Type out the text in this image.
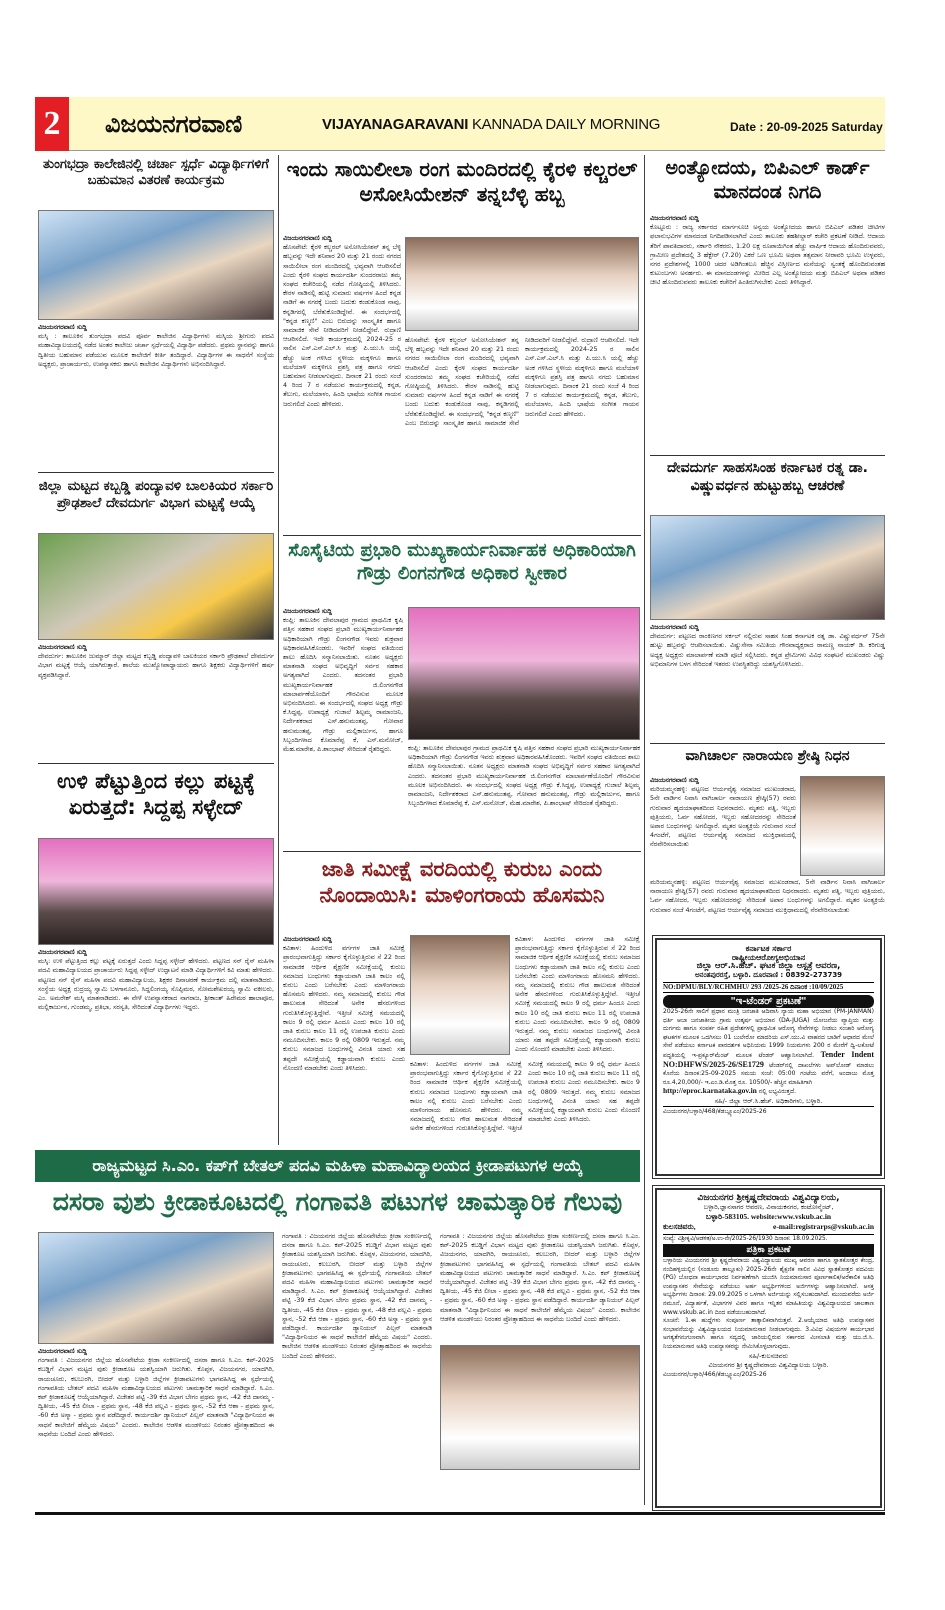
2	ವಿಜಯನಗರವಾಣಿ	VIJAYANAGARAVANI KANNADA DAILY MORNING	Date : 20-09-2025 Saturday
ತುಂಗಭದ್ರಾ ಕಾಲೇಜಿನಲ್ಲಿ ಚರ್ಚಾ ಸ್ಪರ್ಧೆ ವಿದ್ಯಾರ್ಥಿಗಳಿಗೆ ಬಹುಮಾನ ವಿತರಣೆ ಕಾರ್ಯಕ್ರಮ
ವಿಜಯನಗರವಾಣಿ ಸುದ್ದಿ
ಮಸ್ಕಿ : ತಾಲೂಕಿನ ತುಂಗಭದ್ರಾ ಪದವಿ ಪೂರ್ವ ಕಾಲೇಜಿನ ವಿದ್ಯಾರ್ಥಿಗಳು ಮಸ್ಕಿಯ ಶ್ರೀಗುರು ಪದವಿ ಮಹಾವಿದ್ಯಾಲಯದಲ್ಲಿ ನಡೆದ ಅಂತರ ಕಾಲೇಜು ಚರ್ಚಾ ಸ್ಪರ್ಧೆಯಲ್ಲಿ ವಿದ್ಯಾರ್ಥಿ ಪಡೆದರು. ಪ್ರಥಮ ಸ್ಥಾನವನ್ನು ಹಾಗೂ ದ್ವಿತೀಯ ಬಹುಮಾನ ಪಡೆಯುವ ಮೂಲಕ ಕಾಲೇಜಿಗೆ ಕೀರ್ತಿ ತಂದಿದ್ದಾರೆ. ವಿದ್ಯಾರ್ಥಿಗಳ ಈ ಸಾಧನೆಗೆ ಸಂಸ್ಥೆಯ ಅಧ್ಯಕ್ಷರು, ಪ್ರಾಚಾರ್ಯರು, ಉಪನ್ಯಾಸಕರು ಹಾಗೂ ಕಾಲೇಜಿನ ವಿದ್ಯಾರ್ಥಿಗಳು ಅಭಿನಂದಿಸಿದ್ದಾರೆ.
ಜಿಲ್ಲಾ ಮಟ್ಟದ ಕಬ್ಬಡ್ಡಿ ಪಂದ್ಯಾವಳಿ ಬಾಲಕಿಯರ ಸರ್ಕಾರಿ ಪ್ರೌಢಶಾಲೆ ದೇವದುರ್ಗ ವಿಭಾಗ ಮಟ್ಟಕ್ಕೆ ಆಯ್ಕೆ
ವಿಜಯನಗರವಾಣಿ ಸುದ್ದಿ
ದೇವದುರ್ಗ: ತಾಲೂಕಿನ ಜುಮ್ಮಾರ್ ಜಿಲ್ಲಾ ಮಟ್ಟದ ಕಬ್ಬಡ್ಡಿ ಪಂದ್ಯಾವಳಿ ಬಾಲಕಿಯರ ಸರ್ಕಾರಿ ಪ್ರೌಢಶಾಲೆ ದೇವದುರ್ಗ ವಿಭಾಗ ಮಟ್ಟಕ್ಕೆ ಆಯ್ಕೆ ಯಾಗಿರುತ್ತಾರೆ. ಶಾಲೆಯ ಮುಖ್ಯೋಪಾಧ್ಯಾಯರು ಹಾಗೂ ಶಿಕ್ಷಕರು ವಿದ್ಯಾರ್ಥಿಗಳಿಗೆ ಹರ್ಷ ವ್ಯಕ್ತಪಡಿಸಿದ್ದಾರೆ.
ಉಳಿ ಪೆಟ್ಟುತ್ತಿಂದ ಕಲ್ಲು ಪಟ್ಟಕ್ಕೆ ಏರುತ್ತದೆ: ಸಿದ್ದಪ್ಪ ಸಳ್ಳೇದ್
ವಿಜಯನಗರವಾಣಿ ಸುದ್ದಿ
ಮಸ್ಕಿ: ಉಳಿ ಪೆಟ್ಟುತ್ತಿಂದ ಕಲ್ಲು ಪಟ್ಟಕ್ಕೆ ಏರುತ್ತದೆ ಎಂದು ಸಿದ್ದಪ್ಪ ಸಳ್ಳೇದ್ ಹೇಳಿದರು. ಪಟ್ಟಣದ ಸನ್ ರೈಸ್ ಮಹಿಳಾ ಪದವಿ ಮಹಾವಿದ್ಯಾಲಯದ ಪ್ರಾಚಾರ್ಯರು ಸಿದ್ದಪ್ಪ ಸಳ್ಳೇದ್ ಉದ್ಘಾಟನೆ ಮಾಡಿ ವಿದ್ಯಾರ್ಥಿಗಳಿಗೆ ಕಿವಿ ಮಾತು ಹೇಳಿದರು. ಪಟ್ಟಣದ ಸನ್ ರೈಸ್ ಮಹಿಳಾ ಪದವಿ ಮಹಾವಿದ್ಯಾಲಯ, ಶಿಕ್ಷಕರ ದಿನಾಚರಣೆ ಕಾರ್ಯಕ್ರಮ ದಲ್ಲಿ ಮಾತನಾಡಿದರು. ಸಂಸ್ಥೆಯ ಅಧ್ಯಕ್ಷ ರುದ್ರಯ್ಯ ಸ್ವಾಮಿ ಬಳಗಾನೂರು, ಸಿದ್ದಲಿಂಗಯ್ಯ ಸೊಪ್ಪಿಮಠ, ಸೋಮಶೇಖರಯ್ಯ ಸ್ವಾಮಿ ವಕೀಲರು, ಎಂ. ಅಮರೇಶ್ ಮಸ್ಕಿ ಮಾತನಾಡಿದರು. ಈ ವೇಳೆ ಉಪನ್ಯಾಸಕರಾದ ನಾಗರಾಜ, ಶ್ರೀಕಾಂತ್ ಹಿರೇಮಠ ಹಾಲಾಪೂರ, ಮಲ್ಲಿಕಾರ್ಜುನ, ಗುಂಡಮ್ಮ, ಪ್ರತಿಭಾ, ಸರಸ್ವತಿ, ಸೇರಿದಂತೆ ವಿದ್ಯಾರ್ಥಿಗಳು ಇದ್ದರು.
ಇಂದು ಸಾಯಿಲೀಲಾ ರಂಗ ಮಂದಿರದಲ್ಲಿ ಕೈರಳಿ ಕಲ್ಚರಲ್ ಅಸೋಸಿಯೇಶನ್ ತನ್ನಬೆಳ್ಳಿ ಹಬ್ಬ
ವಿಜಯನಗರವಾಣಿ ಸುದ್ದಿ
ಹೊಸಪೇಟೆ: ಕೈರಳಿ ಕಲ್ಚರಲ್ ಅಸೋಸಿಯೇಶನ್ ತನ್ನ ಬೆಳ್ಳಿ ಹಬ್ಬವನ್ನು ಇದೇ ಶನಿವಾರ 20 ಮತ್ತು 21 ರಂದು ನಗರದ ಸಾಯಿಲೀಲಾ ರಂಗ ಮಂದಿರದಲ್ಲಿ ಭವ್ಯವಾಗಿ ಆಚರಿಸಲಿದೆ ಎಂದು ಕೈರಳಿ ಸಂಘದ ಕಾರ್ಯದರ್ಶಿ ಸುಂದರರಾಜು ತಮ್ಮ ಸಂಘದ ಕಚೇರಿಯಲ್ಲಿ ನಡೆದ ಗೋಷ್ಠಿಯಲ್ಲಿ ತಿಳಿಸಿದರು. ಕೇರಳ ನಾಡಿನಲ್ಲಿ ಹುಟ್ಟಿ ಸುಮಾರು ವರ್ಷಗಳ ಹಿಂದೆ ಕನ್ನಡ ನಾಡಿಗೆ ಈ ನಗರಕ್ಕೆ ಬಂದು ಬದುಕು ಕಂಡುಕೊಂಡ ನಾವು, ಕನ್ನಡಿಗರಲ್ಲಿ ಬೆರೆತುಕೊಂಡಿದ್ದೇವೆ. ಈ ಸಂದರ್ಭದಲ್ಲಿ "ಕನ್ನಡ ಕಣ್ಮಣಿ" ಎಂಬ ಬಿರುದನ್ನು ಸಾಂಸ್ಕೃತಿಕ ಹಾಗೂ ಸಾಮಾಜಿಕ ಸೇವೆ ನೀಡಿದವರಿಗೆ ನೀಡಲಿದ್ದೇವೆ. ರುದ್ರಾಣಿ ಆಚರಿಸಲಿದೆ. ಇದೇ ಕಾರ್ಯಕ್ರಮದಲ್ಲಿ 2024-25 ರ ಸಾಲಿನ ಎಸ್.ಎಸ್.ಎಲ್.ಸಿ ಮತ್ತು ಪಿ.ಯು.ಸಿ ಯಲ್ಲಿ ಹೆಚ್ಚು ಅಂಕ ಗಳಿಸಿದ ಸ್ಥಳೀಯ ಮಕ್ಕಳಿಗೂ ಹಾಗೂ ಮಲೆಯಾಳಿ ಮಕ್ಕಳಿಗೂ ಪ್ರಶಸ್ತಿ ಪತ್ರ ಹಾಗೂ ನಗದು ಬಹುಮಾನ ನೀಡಲಾಗುವುದು. ದಿನಾಂಕ 21 ರಂದು ಸಂಜೆ 4 ರಿಂದ 7 ರ ನಡೆಯುವ ಕಾರ್ಯಕ್ರಮದಲ್ಲಿ ಕನ್ನಡ, ತೆಲುಗು, ಮಲೆಯಾಳಂ, ಹಿಂದಿ ಭಾಷೆಯ ಸಂಗೀತ ಗಾಯನ ಜರುಗಲಿದೆ ಎಂದು ಹೇಳಿದರು.
ಹೊಸಪೇಟೆ: ಕೈರಳಿ ಕಲ್ಚರಲ್ ಅಸೋಸಿಯೇಶನ್ ತನ್ನ ಬೆಳ್ಳಿ ಹಬ್ಬವನ್ನು ಇದೇ ಶನಿವಾರ 20 ಮತ್ತು 21 ರಂದು ನಗರದ ಸಾಯಿಲೀಲಾ ರಂಗ ಮಂದಿರದಲ್ಲಿ ಭವ್ಯವಾಗಿ ಆಚರಿಸಲಿದೆ ಎಂದು ಕೈರಳಿ ಸಂಘದ ಕಾರ್ಯದರ್ಶಿ ಸುಂದರರಾಜು ತಮ್ಮ ಸಂಘದ ಕಚೇರಿಯಲ್ಲಿ ನಡೆದ ಗೋಷ್ಠಿಯಲ್ಲಿ ತಿಳಿಸಿದರು. ಕೇರಳ ನಾಡಿನಲ್ಲಿ ಹುಟ್ಟಿ ಸುಮಾರು ವರ್ಷಗಳ ಹಿಂದೆ ಕನ್ನಡ ನಾಡಿಗೆ ಈ ನಗರಕ್ಕೆ ಬಂದು ಬದುಕು ಕಂಡುಕೊಂಡ ನಾವು, ಕನ್ನಡಿಗರಲ್ಲಿ ಬೆರೆತುಕೊಂಡಿದ್ದೇವೆ. ಈ ಸಂದರ್ಭದಲ್ಲಿ "ಕನ್ನಡ ಕಣ್ಮಣಿ" ಎಂಬ ಬಿರುದನ್ನು ಸಾಂಸ್ಕೃತಿಕ ಹಾಗೂ ಸಾಮಾಜಿಕ ಸೇವೆ ನೀಡಿದವರಿಗೆ ನೀಡಲಿದ್ದೇವೆ. ರುದ್ರಾಣಿ ಆಚರಿಸಲಿದೆ. ಇದೇ ಕಾರ್ಯಕ್ರಮದಲ್ಲಿ 2024-25 ರ ಸಾಲಿನ ಎಸ್.ಎಸ್.ಎಲ್.ಸಿ ಮತ್ತು ಪಿ.ಯು.ಸಿ ಯಲ್ಲಿ ಹೆಚ್ಚು ಅಂಕ ಗಳಿಸಿದ ಸ್ಥಳೀಯ ಮಕ್ಕಳಿಗೂ ಹಾಗೂ ಮಲೆಯಾಳಿ ಮಕ್ಕಳಿಗೂ ಪ್ರಶಸ್ತಿ ಪತ್ರ ಹಾಗೂ ನಗದು ಬಹುಮಾನ ನೀಡಲಾಗುವುದು. ದಿನಾಂಕ 21 ರಂದು ಸಂಜೆ 4 ರಿಂದ 7 ರ ನಡೆಯುವ ಕಾರ್ಯಕ್ರಮದಲ್ಲಿ ಕನ್ನಡ, ತೆಲುಗು, ಮಲೆಯಾಳಂ, ಹಿಂದಿ ಭಾಷೆಯ ಸಂಗೀತ ಗಾಯನ ಜರುಗಲಿದೆ ಎಂದು ಹೇಳಿದರು.
ಸೊಸೈಟಿಯ ಪ್ರಭಾರಿ ಮುಖ್ಯಕಾರ್ಯನಿರ್ವಾಹಕ ಅಧಿಕಾರಿಯಾಗಿ ಗೌಡ್ರು ಲಿಂಗನಗೌಡ ಅಧಿಕಾರ ಸ್ವೀಕಾರ
ವಿಜಯನಗರವಾಣಿ ಸುದ್ದಿ
ಕಂಪ್ಲಿ: ತಾಲೂಕಿನ ದೇವಲಾಪುರ ಗ್ರಾಮದ ಪ್ರಾಥಮಿಕ ಕೃಷಿ ಪತ್ತಿನ ಸಹಕಾರ ಸಂಘದ ಪ್ರಭಾರಿ ಮುಖ್ಯಕಾರ್ಯನಿರ್ವಾಹಕ ಅಧಿಕಾರಿಯಾಗಿ ಗೌಡ್ರು ಲಿಂಗನಗೌಡ ಇವರು ಶುಕ್ರವಾರ ಅಧಿಕಾರವಹಿಸಿಕೊಂಡರು. ಇವರಿಗೆ ಸಂಘದ ವತಿಯಿಂದ ಶಾಲು ಹೊದಿಸಿ ಸನ್ಮಾನಿಸಲಾಯಿತು. ನೂತನ ಅಧ್ಯಕ್ಷರು ಮಾತನಾಡಿ ಸಂಘದ ಅಭಿವೃದ್ಧಿಗೆ ಸರ್ವರ ಸಹಕಾರ ಅಗತ್ಯವಾಗಿದೆ ಎಂದರು. ತದನಂತರ ಪ್ರಭಾರಿ ಮುಖ್ಯಕಾರ್ಯನಿರ್ವಾಹಕ ಜಿ.ಲಿಂಗನಗೌಡ ಮಾಲಾರ್ಪಣೆಯೊಂದಿಗೆ ಗೌರವಿಸುವ ಮೂಲಕ ಅಭಿನಂದಿಸಿದರು. ಈ ಸಂದರ್ಭದಲ್ಲಿ ಸಂಘದ ಅಧ್ಯಕ್ಷ ಗೌಡ್ರು ಕೆ.ಸಿದ್ದಪ್ಪ, ಉಪಾಧ್ಯಕ್ಷೆ ಗುಜಾಲೆ ಶಿಲ್ಪಮ್ಮ ರಾಮಾಂಜನಿ, ನಿರ್ದೇಶಕರಾದ ಎಸ್.ಹನುಮಂತಪ್ಪ, ಗೋವಾರ ಹನುಮಂತಪ್ಪ, ಗೌಡ್ರು ಮಲ್ಲಿಕಾರ್ಜುನ, ಹಾಗೂ ಸಿಬ್ಬಂದಿಗಳಾದ ಕೊಮಾರೆಪ್ಪ ಕೆ, ಎಸ್.ಮನೋಜ್, ಮೆಹ.ಮಾರೇಶ, ಪಿ.ಶಾಂಭಾಷ್ ಸೇರಿದಂತೆ ರೈತರಿದ್ದರು.	ಕಂಪ್ಲಿ: ತಾಲೂಕಿನ ದೇವಲಾಪುರ ಗ್ರಾಮದ ಪ್ರಾಥಮಿಕ ಕೃಷಿ ಪತ್ತಿನ ಸಹಕಾರ ಸಂಘದ ಪ್ರಭಾರಿ ಮುಖ್ಯಕಾರ್ಯನಿರ್ವಾಹಕ ಅಧಿಕಾರಿಯಾಗಿ ಗೌಡ್ರು ಲಿಂಗನಗೌಡ ಇವರು ಶುಕ್ರವಾರ ಅಧಿಕಾರವಹಿಸಿಕೊಂಡರು. ಇವರಿಗೆ ಸಂಘದ ವತಿಯಿಂದ ಶಾಲು ಹೊದಿಸಿ ಸನ್ಮಾನಿಸಲಾಯಿತು. ನೂತನ ಅಧ್ಯಕ್ಷರು ಮಾತನಾಡಿ ಸಂಘದ ಅಭಿವೃದ್ಧಿಗೆ ಸರ್ವರ ಸಹಕಾರ ಅಗತ್ಯವಾಗಿದೆ ಎಂದರು. ತದನಂತರ ಪ್ರಭಾರಿ ಮುಖ್ಯಕಾರ್ಯನಿರ್ವಾಹಕ ಜಿ.ಲಿಂಗನಗೌಡ ಮಾಲಾರ್ಪಣೆಯೊಂದಿಗೆ ಗೌರವಿಸುವ ಮೂಲಕ ಅಭಿನಂದಿಸಿದರು. ಈ ಸಂದರ್ಭದಲ್ಲಿ ಸಂಘದ ಅಧ್ಯಕ್ಷ ಗೌಡ್ರು ಕೆ.ಸಿದ್ದಪ್ಪ, ಉಪಾಧ್ಯಕ್ಷೆ ಗುಜಾಲೆ ಶಿಲ್ಪಮ್ಮ ರಾಮಾಂಜನಿ, ನಿರ್ದೇಶಕರಾದ ಎಸ್.ಹನುಮಂತಪ್ಪ, ಗೋವಾರ ಹನುಮಂತಪ್ಪ, ಗೌಡ್ರು ಮಲ್ಲಿಕಾರ್ಜುನ, ಹಾಗೂ ಸಿಬ್ಬಂದಿಗಳಾದ ಕೊಮಾರೆಪ್ಪ ಕೆ, ಎಸ್.ಮನೋಜ್, ಮೆಹ.ಮಾರೇಶ, ಪಿ.ಶಾಂಭಾಷ್ ಸೇರಿದಂತೆ ರೈತರಿದ್ದರು.
ಜಾತಿ ಸಮೀಕ್ಷೆ ವರದಿಯಲ್ಲಿ ಕುರುಬ ಎಂದು ನೊಂದಾಯಿಸಿ: ಮಾಳಿಂಗರಾಯ ಹೊಸಮನಿ
ವಿಜಯನಗರವಾಣಿ ಸುದ್ದಿ
ಕವಿತಾಳ: ಹಿಂದುಳಿದ ವರ್ಗಗಳ ಜಾತಿ ಸಮೀಕ್ಷೆ ಪ್ರಾರಂಭವಾಗುತ್ತಿದ್ದು ಸರ್ಕಾರ ಕೈಗೊಳ್ಳುತ್ತಿರುವ ಸೆ 22 ರಿಂದ ಸಾಮಾಜಿಕ ಆರ್ಥಿಕ ಶೈಕ್ಷಣಿಕ ಸಮೀಕ್ಷೆಯಲ್ಲಿ ಕುರುಬ ಸಮಾಜದ ಬಂಧುಗಳು ಕಡ್ಡಾಯವಾಗಿ ಜಾತಿ ಕಾಲಂ ನಲ್ಲಿ ಕುರುಬ ಎಂದು ಬರೆಸಬೇಕು ಎಂದು ಮಾಳಿಂಗರಾಯ ಹೊಸಮನಿ ಹೇಳಿದರು. ನಮ್ಮ ಸಮಾಜದಲ್ಲಿ ಕುರುಬ ಗೌಡ ಹಾಲುಮತ ಸೇರಿದಂತೆ ಅನೇಕ ಹೆಸರುಗಳಿಂದ ಗುರುತಿಸಿಕೊಳ್ಳುತ್ತಿದ್ದೇವೆ. ಇತ್ತೀಚೆ ಸಮೀಕ್ಷೆ ಸಮಯದಲ್ಲಿ ಕಾಲಂ 9 ರಲ್ಲಿ ಧರ್ಮ ಹಿಂದೂ ಎಂದು ಕಾಲಂ 10 ರಲ್ಲಿ ಜಾತಿ ಕುರುಬ ಕಾಲಂ 11 ರಲ್ಲಿ ಉಪಜಾತಿ ಕುರುಬ ಎಂದು ನಮೂದಿಸಬೇಕು. ಕಾಲಂ 9 ರಲ್ಲಿ 0809 ಇರುತ್ತದೆ. ನಮ್ಮ ಕುರುಬ ಸಮಾಜದ ಬಂಧುಗಳಲ್ಲಿ ವಿನಂತಿ ಯಾರು ಸಹ ತಪ್ಪದೇ ಸಮೀಕ್ಷೆಯಲ್ಲಿ ಕಡ್ಡಾಯವಾಗಿ ಕುರುಬ ಎಂದು ನೊಂದಣಿ ಮಾಡಬೇಕು ಎಂದು ತಿಳಿಸಿದರು.
ಕವಿತಾಳ: ಹಿಂದುಳಿದ ವರ್ಗಗಳ ಜಾತಿ ಸಮೀಕ್ಷೆ ಪ್ರಾರಂಭವಾಗುತ್ತಿದ್ದು ಸರ್ಕಾರ ಕೈಗೊಳ್ಳುತ್ತಿರುವ ಸೆ 22 ರಿಂದ ಸಾಮಾಜಿಕ ಆರ್ಥಿಕ ಶೈಕ್ಷಣಿಕ ಸಮೀಕ್ಷೆಯಲ್ಲಿ ಕುರುಬ ಸಮಾಜದ ಬಂಧುಗಳು ಕಡ್ಡಾಯವಾಗಿ ಜಾತಿ ಕಾಲಂ ನಲ್ಲಿ ಕುರುಬ ಎಂದು ಬರೆಸಬೇಕು ಎಂದು ಮಾಳಿಂಗರಾಯ ಹೊಸಮನಿ ಹೇಳಿದರು. ನಮ್ಮ ಸಮಾಜದಲ್ಲಿ ಕುರುಬ ಗೌಡ ಹಾಲುಮತ ಸೇರಿದಂತೆ ಅನೇಕ ಹೆಸರುಗಳಿಂದ ಗುರುತಿಸಿಕೊಳ್ಳುತ್ತಿದ್ದೇವೆ. ಇತ್ತೀಚೆ ಸಮೀಕ್ಷೆ ಸಮಯದಲ್ಲಿ ಕಾಲಂ 9 ರಲ್ಲಿ ಧರ್ಮ ಹಿಂದೂ ಎಂದು ಕಾಲಂ 10 ರಲ್ಲಿ ಜಾತಿ ಕುರುಬ ಕಾಲಂ 11 ರಲ್ಲಿ ಉಪಜಾತಿ ಕುರುಬ ಎಂದು ನಮೂದಿಸಬೇಕು. ಕಾಲಂ 9 ರಲ್ಲಿ 0809 ಇರುತ್ತದೆ. ನಮ್ಮ ಕುರುಬ ಸಮಾಜದ ಬಂಧುಗಳಲ್ಲಿ ವಿನಂತಿ ಯಾರು ಸಹ ತಪ್ಪದೇ ಸಮೀಕ್ಷೆಯಲ್ಲಿ ಕಡ್ಡಾಯವಾಗಿ ಕುರುಬ ಎಂದು ನೊಂದಣಿ ಮಾಡಬೇಕು ಎಂದು ತಿಳಿಸಿದರು.
ಕವಿತಾಳ: ಹಿಂದುಳಿದ ವರ್ಗಗಳ ಜಾತಿ ಸಮೀಕ್ಷೆ ಪ್ರಾರಂಭವಾಗುತ್ತಿದ್ದು ಸರ್ಕಾರ ಕೈಗೊಳ್ಳುತ್ತಿರುವ ಸೆ 22 ರಿಂದ ಸಾಮಾಜಿಕ ಆರ್ಥಿಕ ಶೈಕ್ಷಣಿಕ ಸಮೀಕ್ಷೆಯಲ್ಲಿ ಕುರುಬ ಸಮಾಜದ ಬಂಧುಗಳು ಕಡ್ಡಾಯವಾಗಿ ಜಾತಿ ಕಾಲಂ ನಲ್ಲಿ ಕುರುಬ ಎಂದು ಬರೆಸಬೇಕು ಎಂದು ಮಾಳಿಂಗರಾಯ ಹೊಸಮನಿ ಹೇಳಿದರು. ನಮ್ಮ ಸಮಾಜದಲ್ಲಿ ಕುರುಬ ಗೌಡ ಹಾಲುಮತ ಸೇರಿದಂತೆ ಅನೇಕ ಹೆಸರುಗಳಿಂದ ಗುರುತಿಸಿಕೊಳ್ಳುತ್ತಿದ್ದೇವೆ. ಇತ್ತೀಚೆ ಸಮೀಕ್ಷೆ ಸಮಯದಲ್ಲಿ ಕಾಲಂ 9 ರಲ್ಲಿ ಧರ್ಮ ಹಿಂದೂ ಎಂದು ಕಾಲಂ 10 ರಲ್ಲಿ ಜಾತಿ ಕುರುಬ ಕಾಲಂ 11 ರಲ್ಲಿ ಉಪಜಾತಿ ಕುರುಬ ಎಂದು ನಮೂದಿಸಬೇಕು. ಕಾಲಂ 9 ರಲ್ಲಿ 0809 ಇರುತ್ತದೆ. ನಮ್ಮ ಕುರುಬ ಸಮಾಜದ ಬಂಧುಗಳಲ್ಲಿ ವಿನಂತಿ ಯಾರು ಸಹ ತಪ್ಪದೇ ಸಮೀಕ್ಷೆಯಲ್ಲಿ ಕಡ್ಡಾಯವಾಗಿ ಕುರುಬ ಎಂದು ನೊಂದಣಿ ಮಾಡಬೇಕು ಎಂದು ತಿಳಿಸಿದರು.
ಅಂತ್ಯೋದಯ, ಬಿಪಿಎಲ್ ಕಾರ್ಡ್ ಮಾನದಂಡ ನಿಗದಿ
ವಿಜಯನಗರವಾಣಿ ಸುದ್ದಿ
ಕೊಟ್ಟೂರು : ರಾಜ್ಯ ಸರ್ಕಾರದ ಮಾರ್ಗಸೂಚಿ ಅನ್ವಯ ಅಂತ್ಯೋದಯ ಹಾಗೂ ಬಿಪಿಎಲ್ ಪಡಿತರ ಚೀಟಿಗಳ ಫಲಾನುಭವಿಗಳ ಮಾನದಂಡ ನಿಗದಿಪಡಿಸಲಾಗಿದೆ ಎಂದು ತಾಲೂಕು ತಹಶೀಲ್ದಾರ್ ಕಚೇರಿ ಪ್ರಕಟಣೆ ನೀಡಿದೆ. ಆದಾಯ ತೆರಿಗೆ ಪಾವತಿದಾರರು, ಸರ್ಕಾರಿ ನೌಕರರು, 1.20 ಲಕ್ಷ ರೂಪಾಯಿಗಿಂತ ಹೆಚ್ಚು ವಾರ್ಷಿಕ ಆದಾಯ ಹೊಂದಿರುವವರು, ಗ್ರಾಮೀಣ ಪ್ರದೇಶದಲ್ಲಿ 3 ಹೆಕ್ಟೇರ್ (7.20) ಎಕರೆ ಒಣ ಭೂಮಿ ಅಥವಾ ತತ್ಸಮಾನ ನೀರಾವರಿ ಭೂಮಿ ಉಳ್ಳವರು, ನಗರ ಪ್ರದೇಶಗಳಲ್ಲಿ 1000 ಚದರ ಅಡಿಗಿಂತಲೂ ಹೆಚ್ಚಿನ ವಿಸ್ತೀರ್ಣದ ಮನೆಯನ್ನು ಸ್ವಂತಕ್ಕೆ ಹೊಂದಿರುವಂತಹ ಕುಟುಂಬಗಳು ಅನರ್ಹರು. ಈ ಮಾನದಂಡಗಳನ್ನು ಮೀರಿದ ಎಲ್ಲ ಅಂತ್ಯೋದಯ ಮತ್ತು ಬಿಪಿಎಲ್ ಅಥವಾ ಪಡಿತರ ಚೀಟಿ ಹೊಂದಿರುವವರು ತಾಲೂಕು ಕಚೇರಿಗೆ ಹಿಂತಿರುಗಿಸಬೇಕು ಎಂದು ತಿಳಿಸಿದ್ದಾರೆ.
ದೇವದುರ್ಗ ಸಾಹಸಸಿಂಹ ಕರ್ನಾಟಕ ರತ್ನ ಡಾ. ವಿಷ್ಣುವರ್ಧನ ಹುಟ್ಟುಹಬ್ಬ ಆಚರಣೆ
ವಿಜಯನಗರವಾಣಿ ಸುದ್ದಿ
ದೇವದುರ್ಗ: ಪಟ್ಟಣದ ರಾಂಕಿಣಗರ ಸರ್ಕಲ್ ನಲ್ಲಿರುವ ಸಾಹಸ ಸಿಂಹ ಕರ್ನಾಟಕ ರತ್ನ ಡಾ. ವಿಷ್ಣುವರ್ಧನ್ 75ನೇ ಹುಟ್ಟು ಹಬ್ಬವನ್ನು ಆಚರಿಸಲಾಯಿತು. ವಿಷ್ಣುಸೇನಾ ಸಮಿತಿಯ ಗೌರವಾಧ್ಯಕ್ಷರಾದ ರಾಮಣ್ಣ ನಾಯಕ್ ಡಿ. ಕರಿಗುಡ್ಡ ಅಧ್ಯಕ್ಷ ಅಧ್ಯಕ್ಷರು ಮಾಲಾರ್ಪಣೆ ಮಾಡಿ ಪೂಜೆ ಸಲ್ಲಿಸಿದರು. ಕನ್ನಡ ಪ್ರೇಮಿಗಳು ವಿವಿಧ ಸಂಘಟನೆ ಮುಖಂಡರು ವಿಷ್ಣು ಅಭಿಮಾನಿಗಳ ಬಳಗ ಸೇರಿದಂತೆ ಇತರರು ಉಪಸ್ಥಿತರಿದ್ದು ಯಶಸ್ವಿಗೊಳಿಸಿದರು.
ವಾಗಿಚಾರ್ಲ ನಾರಾಯಣ ಶ್ರೇಷ್ಠಿ ನಿಧನ
ವಿಜಯನಗರವಾಣಿ ಸುದ್ದಿ
ಮರಿಯಮ್ಮನಹಳ್ಳಿ: ಪಟ್ಟಣದ ಆರ್ಯವೈಶ್ಯ ಸಮಾಜದ ಮುಖಂಡರಾದ, 5ನೇ ವಾರ್ಡಿನ ನಿವಾಸಿ ವಾಗಿಚಾರ್ಲ ನಾರಾಯಣ ಶ್ರೇಷ್ಠಿ(57) ರವರು ಗುರುವಾರ ಹೃದಯಾಘಾತದಿಂದ ನಿಧನರಾದರು. ಮೃತರು ಪತ್ನಿ, ಇಬ್ಬರು ಪುತ್ರಿಯರು, ಓರ್ವ ಸಹೋದರ, ಇಬ್ಬರು ಸಹೋದರರನ್ನು ಸೇರಿದಂತೆ ಅಪಾರ ಬಂಧುಗಳನ್ನು ಅಗಲಿದ್ದಾರೆ. ಮೃತರ ಅಂತ್ಯಕ್ರಿಯೆ ಗುರುವಾರ ಸಂಜೆ 4ಗಂಟೆಗೆ, ಪಟ್ಟಣದ ಆರ್ಯವೈಶ್ಯ ಸಮಾಜದ ಮುಕ್ತಿಧಾಮದಲ್ಲಿ ನೆರವೇರಿಸಲಾಯಿತು
ಮರಿಯಮ್ಮನಹಳ್ಳಿ: ಪಟ್ಟಣದ ಆರ್ಯವೈಶ್ಯ ಸಮಾಜದ ಮುಖಂಡರಾದ, 5ನೇ ವಾರ್ಡಿನ ನಿವಾಸಿ ವಾಗಿಚಾರ್ಲ ನಾರಾಯಣ ಶ್ರೇಷ್ಠಿ(57) ರವರು ಗುರುವಾರ ಹೃದಯಾಘಾತದಿಂದ ನಿಧನರಾದರು. ಮೃತರು ಪತ್ನಿ, ಇಬ್ಬರು ಪುತ್ರಿಯರು, ಓರ್ವ ಸಹೋದರ, ಇಬ್ಬರು ಸಹೋದರರನ್ನು ಸೇರಿದಂತೆ ಅಪಾರ ಬಂಧುಗಳನ್ನು ಅಗಲಿದ್ದಾರೆ. ಮೃತರ ಅಂತ್ಯಕ್ರಿಯೆ ಗುರುವಾರ ಸಂಜೆ 4ಗಂಟೆಗೆ, ಪಟ್ಟಣದ ಆರ್ಯವೈಶ್ಯ ಸಮಾಜದ ಮುಕ್ತಿಧಾಮದಲ್ಲಿ ನೆರವೇರಿಸಲಾಯಿತು
ಕರ್ನಾಟಕ ಸರ್ಕಾರ
ರಾಷ್ಟ್ರೀಯಆರೋಗ್ಯಅಭಿಯಾನ
ಜಿಲ್ಲಾ ಆರ್.ಸಿ.ಹೆಚ್. ಘಟಕ ಜಿಲ್ಲಾ ಆಸ್ಪತ್ರೆ ಆವರಣ,
ಅನಂತಪುರರಸ್ತೆ, ಬಳ್ಳಾರಿ. ದೂರವಾಣಿ : 08392-273739
NO:DPMU/BLY/RCHMHU/ 293 /2025-26 ದಿನಾಂಕ :10/09/2025
"ಇ-ಟೆಂಡರ್ ಪ್ರಕಟಣೆ"
2025-26ನೇ ಸಾಲಿಗೆ ಪ್ರಧಾನ ಮಂತ್ರಿ ಜನಜಾತಿ ಆದಿವಾಸಿ ನ್ಯಾಯ ಮಹಾ ಅಭಿಯಾನ (PM-JANMAN) ಧರ್ತಿ ಆಬಾ ಜನಜಾತೀಯ ಗ್ರಾಮ ಉತ್ಕರ್ಷ ಅಭಿಯಾನ (DA-JUGA) ಯೋಜನೆಯ ವ್ಯಾಪ್ತಿಯ ಮತ್ತು ದುರ್ಗಮ ಹಾಗೂ ಸಂಪರ್ಕ ರಹಿತ ಪ್ರದೇಶಗಳಲ್ಲಿ ಪ್ರಾಥಮಿಕ ಆರೋಗ್ಯ ಸೇವೆಗಳನ್ನು ನೀಡಲು ಸಂಚಾರಿ ಆರೋಗ್ಯ ಘಟಕಗಳ ಮೂಲಕ ಒದಗಿಸಲು 01 ಬುಲೇರೋ ಮಾದರಿಯ ಎಸ್.ಯು.ವಿ ವಾಹನದ ಬಾಡಿಗೆ ಆಧಾರದ ಮೇಲೆ ಸೇವೆ ಪಡೆಯಲು ಕರ್ನಾಟಕ ಪಾರದರ್ಶಕ ಅಧಿನಿಯಮ 1999 ನಿಯಮಗಳು 200 ರ ಮೇರೆಗೆ ದ್ವಿ-ಲಕೋಟೆ ಪದ್ಧತಿಯಲ್ಲಿ ಇ-ಪ್ರಕ್ಯೂರ್‌ಮೆಂಟ್ ಮೂಲಕ ಟೆಂಡರ್ ಆಹ್ವಾನಿಸಲಾಗಿದೆ. Tender Indent NO:DHFWS/2025-26/SE1729 ಟೆಂಡರ್‌ನಲ್ಲಿ ದಾಖಲೆಗಳು ಅಪ್‌ಲೋಡ್ ಮಾಡಲು ಕೊನೆಯ ದಿನಾಂಕ:25-09-2025 ಸಮಯ ಸಂಜೆ: 05:00 ಗಂಟೆಯ ವರೆಗೆ, ಅಂದಾಜು ಮೊತ್ತ ರೂ.4,20,000/- ಇ.ಎಂ.ಡಿ.ಮೊತ್ತ ರೂ. 10500/- ಹೆಚ್ಚಿನ ಮಾಹಿತಿಗಾಗಿ
http://eproc.karnataka.gov.in ನಲ್ಲಿ ಲಭ್ಯವಿರುತ್ತದೆ.
ಸಹಿ/- ಜಿಲ್ಲಾ ಆರ್.ಸಿ.ಹೆಚ್. ಅಧಿಕಾರಿಗಳು, ಬಳ್ಳಾರಿ.
ವಿಜಯನಗರ/ಬಳ್ಳಾರಿ/468/ಕೆಡಬ್ಲ್ಯೂಎಂ/2025-26
ವಿಜಯನಗರ ಶ್ರೀಕೃಷ್ಣದೇವರಾಯ ವಿಶ್ವವಿದ್ಯಾಲಯ,
ಬಳ್ಳಾರಿ,ಜ್ಞಾನಸಾಗರ ಆವರಣ, ವಿನಾಯಕನಗರ, ಕಂಟೋನ್ಮೆಂಟ್,
ಬಳ್ಳಾರಿ-583105. website:www.vskub.ac.in
ಕುಲಸಚಿವರು,	e-mail:registrarps@vskub.ac.in
ಸಂಖ್ಯೆ: ವಿಶ್ರೀಕೃವಿ/ಆಡಳಿತ/ಅ.ಉ-ನೇ/2025-26/1930 ದಿನಾಂಕ: 18.09.2025.
ಪತ್ರಿಕಾ ಪ್ರಕಟಣೆ
ಬಳ್ಳಾರಿಯ ವಿಜಯನಗರ ಶ್ರೀ ಕೃಷ್ಣದೇವರಾಯ ವಿಶ್ವವಿದ್ಯಾಲಯ ಮುಖ್ಯ ಆವರಣ ಹಾಗೂ ಸ್ನಾತಕೋತ್ತರ ಕೇಂದ್ರ, ನಂದಿಹಳ್ಳಿಯಲ್ಲಿನ (ಸಂಡೂರು ತಾಲ್ಲೂಕು) 2025-26ನೇ ಶೈಕ್ಷಣಿಕ ಸಾಲಿನ ವಿವಿಧ ಸ್ನಾತಕೋತ್ತರ ಪದವಿಯ (PG) ಬೋಧನಾ ಕಾರ್ಯಭಾರದ ನಿರ್ವಹಣೆಗಾಗಿ ಯುಜಿಸಿ ನಿಯಮಾನುಸಾರ ಪೂರ್ಣಕಾಲಿಕ/ಅರೆಕಾಲಿಕ ಅತಿಥಿ ಉಪನ್ಯಾಸಕರ ಸೇವೆಯನ್ನು ಪಡೆಯಲು ಅರ್ಹ ಅಭ್ಯರ್ಥಿಗಳಿಂದ ಅರ್ಜಿಗಳನ್ನು ಆಹ್ವಾನಿಸಲಾಗಿದೆ. ಆಸಕ್ತ ಅಭ್ಯರ್ಥಿಗಳು ದಿನಾಂಕ: 29.09.2025 ರ ಒಳಗಾಗಿ ಅರ್ಜಿಯನ್ನು ಸಲ್ಲಿಸಬಹುದಾಗಿದೆ. ಮುಂದುವರೆದು ಅರ್ಜಿ ನಮೂನೆ, ವಿದ್ಯಾರ್ಹತೆ, ವಿಭಾಗಗಳ ವಿವರ ಹಾಗೂ ಇನ್ನಿತರ ಮಾಹಿತಿಯನ್ನು ವಿಶ್ವವಿದ್ಯಾಲಯದ ಜಾಲತಾಣ www.vskub.ac.in ದಿಂದ ಪಡೆಯಬಹುದಾಗಿದೆ.
ಸೂಚನೆ: 1.ಈ ಹುದ್ದೆಗಳು ಸಂಪೂರ್ಣ ತಾತ್ಕಾಲಿಕವಾಗಿರುತ್ತವೆ. 2.ಆಯ್ಕೆಯಾದ ಅತಿಥಿ ಉಪನ್ಯಾಸಕರ ಸಂಭಾವನೆಯನ್ನು ವಿಶ್ವವಿದ್ಯಾಲಯದ ನಿಯಮಾನುಸಾರ ನೀಡಲಾಗುವುದು. 3.ವಿವಿಧ ವಿಷಯಗಳ ಕಾರ್ಯಭಾರ ಅಗತ್ಯತೆಗನುಗುಣವಾಗಿ ಹಾಗೂ ಸದ್ಯದಲ್ಲಿ ಜಾರಿಯಲ್ಲಿರುವ ಸರ್ಕಾರದ ಮೀಸಲಾತಿ ಮತ್ತು ಯು.ಜಿ.ಸಿ. ನಿಯಮಾನುಸಾರ ಅತಿಥಿ ಉಪನ್ಯಾಸಕರನ್ನು ನೇಮಿಸಿಕೊಳ್ಳಲಾಗುವುದು.
ಸಹಿ/-ಕುಲಸಚಿವರು
ವಿಜಯನಗರ ಶ್ರೀ ಕೃಷ್ಣದೇವರಾಯ ವಿಶ್ವವಿದ್ಯಾಲಯ ಬಳ್ಳಾರಿ.
ವಿಜಯನಗರ/ಬಳ್ಳಾರಿ/466/ಕೆಡಬ್ಲ್ಯೂಎಂ/2025-26
ರಾಜ್ಯಮಟ್ಟದ ಸಿ.ಎಂ. ಕಪ್‌ಗೆ ಬೇತಲ್ ಪದವಿ ಮಹಿಳಾ ಮಹಾವಿದ್ಯಾಲಯದ ಕ್ರೀಡಾಪಟುಗಳ ಆಯ್ಕೆ
ದಸರಾ ವುಶು ಕ್ರೀಡಾಕೂಟದಲ್ಲಿ ಗಂಗಾವತಿ ಪಟುಗಳ ಚಾಮತ್ಕಾರಿಕ ಗೆಲುವು
ವಿಜಯನಗರವಾಣಿ ಸುದ್ದಿ
ಗಂಗಾವತಿ : ವಿಜಯನಗರ ಜಿಲ್ಲೆಯ ಹೊಸಪೇಟೆಯ ಕ್ರೀಡಾ ಸಂಕೀರ್ಣದಲ್ಲಿ ದಸರಾ ಹಾಗೂ ಸಿ.ಎಂ. ಕಪ್-2025 ಕಬಡ್ಡಿಗೆ ವಿಭಾಗ ಮಟ್ಟದ ವುಶು ಕ್ರೀಡಾಕೂಟ ಯಶಸ್ವಿಯಾಗಿ ಜರುಗಿತು. ಕೊಪ್ಪಳ, ವಿಜಯನಗರ, ಯಾದಗಿರಿ, ರಾಯಚೂರು, ಕಲಬುರಗಿ, ಬೀದರ್ ಮತ್ತು ಬಳ್ಳಾರಿ ಜಿಲ್ಲೆಗಳ ಕ್ರೀಡಾಪಟುಗಳು ಭಾಗವಹಿಸಿದ್ದ ಈ ಸ್ಪರ್ಧೆಯಲ್ಲಿ ಗಂಗಾವತಿಯ ಬೇತಲ್ ಪದವಿ ಮಹಿಳಾ ಮಹಾವಿದ್ಯಾಲಯದ ಪಟುಗಳು ಚಾಮತ್ಕಾರಿಕ ಸಾಧನೆ ಮಾಡಿದ್ದಾರೆ. ಸಿ.ಎಂ. ಕಪ್ ಕ್ರೀಡಾಕೂಟಕ್ಕೆ ಆಯ್ಕೆಯಾಗಿದ್ದಾರೆ. ವಿಜೇತರ ಪಟ್ಟಿ -39 ಕೆಜಿ ವಿಭಾಗ ಬೇಗಂ ಪ್ರಥಮ ಸ್ಥಾನ, -42 ಕೆಜಿ ದಾನಮ್ಮ - ದ್ವಿತೀಯ, -45 ಕೆಜಿ ಲೀಲಾ - ಪ್ರಥಮ ಸ್ಥಾನ, -48 ಕೆಜಿ ಪಲ್ಲವಿ - ಪ್ರಥಮ ಸ್ಥಾನ, -52 ಕೆಜಿ ಆಶಾ - ಪ್ರಥಮ ಸ್ಥಾನ, -60 ಕೆಜಿ ಅಸ್ಮಾ - ಪ್ರಥಮ ಸ್ಥಾನ ಪಡೆದಿದ್ದಾರೆ. ಕಾರ್ಯದರ್ಶಿ ಡ್ಯಾನಿಯಲ್ ಪಿಲ್ಸನ್ ಮಾತನಾಡಿ "ವಿದ್ಯಾರ್ಥಿನಿಯರ ಈ ಸಾಧನೆ ಕಾಲೇಜಿಗೆ ಹೆಮ್ಮೆಯ ವಿಷಯ" ಎಂದರು. ಕಾಲೇಜಿನ ಆಡಳಿತ ಮಂಡಳಿಯು ನಿರಂತರ ಪ್ರೋತ್ಸಾಹದಿಂದ ಈ ಸಾಧನೆಯ ಬಂದಿದೆ ಎಂದು ಹೇಳಿದರು.
ಗಂಗಾವತಿ : ವಿಜಯನಗರ ಜಿಲ್ಲೆಯ ಹೊಸಪೇಟೆಯ ಕ್ರೀಡಾ ಸಂಕೀರ್ಣದಲ್ಲಿ ದಸರಾ ಹಾಗೂ ಸಿ.ಎಂ. ಕಪ್-2025 ಕಬಡ್ಡಿಗೆ ವಿಭಾಗ ಮಟ್ಟದ ವುಶು ಕ್ರೀಡಾಕೂಟ ಯಶಸ್ವಿಯಾಗಿ ಜರುಗಿತು. ಕೊಪ್ಪಳ, ವಿಜಯನಗರ, ಯಾದಗಿರಿ, ರಾಯಚೂರು, ಕಲಬುರಗಿ, ಬೀದರ್ ಮತ್ತು ಬಳ್ಳಾರಿ ಜಿಲ್ಲೆಗಳ ಕ್ರೀಡಾಪಟುಗಳು ಭಾಗವಹಿಸಿದ್ದ ಈ ಸ್ಪರ್ಧೆಯಲ್ಲಿ ಗಂಗಾವತಿಯ ಬೇತಲ್ ಪದವಿ ಮಹಿಳಾ ಮಹಾವಿದ್ಯಾಲಯದ ಪಟುಗಳು ಚಾಮತ್ಕಾರಿಕ ಸಾಧನೆ ಮಾಡಿದ್ದಾರೆ. ಸಿ.ಎಂ. ಕಪ್ ಕ್ರೀಡಾಕೂಟಕ್ಕೆ ಆಯ್ಕೆಯಾಗಿದ್ದಾರೆ. ವಿಜೇತರ ಪಟ್ಟಿ -39 ಕೆಜಿ ವಿಭಾಗ ಬೇಗಂ ಪ್ರಥಮ ಸ್ಥಾನ, -42 ಕೆಜಿ ದಾನಮ್ಮ - ದ್ವಿತೀಯ, -45 ಕೆಜಿ ಲೀಲಾ - ಪ್ರಥಮ ಸ್ಥಾನ, -48 ಕೆಜಿ ಪಲ್ಲವಿ - ಪ್ರಥಮ ಸ್ಥಾನ, -52 ಕೆಜಿ ಆಶಾ - ಪ್ರಥಮ ಸ್ಥಾನ, -60 ಕೆಜಿ ಅಸ್ಮಾ - ಪ್ರಥಮ ಸ್ಥಾನ ಪಡೆದಿದ್ದಾರೆ. ಕಾರ್ಯದರ್ಶಿ ಡ್ಯಾನಿಯಲ್ ಪಿಲ್ಸನ್ ಮಾತನಾಡಿ "ವಿದ್ಯಾರ್ಥಿನಿಯರ ಈ ಸಾಧನೆ ಕಾಲೇಜಿಗೆ ಹೆಮ್ಮೆಯ ವಿಷಯ" ಎಂದರು. ಕಾಲೇಜಿನ ಆಡಳಿತ ಮಂಡಳಿಯು ನಿರಂತರ ಪ್ರೋತ್ಸಾಹದಿಂದ ಈ ಸಾಧನೆಯ ಬಂದಿದೆ ಎಂದು ಹೇಳಿದರು.
ಗಂಗಾವತಿ : ವಿಜಯನಗರ ಜಿಲ್ಲೆಯ ಹೊಸಪೇಟೆಯ ಕ್ರೀಡಾ ಸಂಕೀರ್ಣದಲ್ಲಿ ದಸರಾ ಹಾಗೂ ಸಿ.ಎಂ. ಕಪ್-2025 ಕಬಡ್ಡಿಗೆ ವಿಭಾಗ ಮಟ್ಟದ ವುಶು ಕ್ರೀಡಾಕೂಟ ಯಶಸ್ವಿಯಾಗಿ ಜರುಗಿತು. ಕೊಪ್ಪಳ, ವಿಜಯನಗರ, ಯಾದಗಿರಿ, ರಾಯಚೂರು, ಕಲಬುರಗಿ, ಬೀದರ್ ಮತ್ತು ಬಳ್ಳಾರಿ ಜಿಲ್ಲೆಗಳ ಕ್ರೀಡಾಪಟುಗಳು ಭಾಗವಹಿಸಿದ್ದ ಈ ಸ್ಪರ್ಧೆಯಲ್ಲಿ ಗಂಗಾವತಿಯ ಬೇತಲ್ ಪದವಿ ಮಹಿಳಾ ಮಹಾವಿದ್ಯಾಲಯದ ಪಟುಗಳು ಚಾಮತ್ಕಾರಿಕ ಸಾಧನೆ ಮಾಡಿದ್ದಾರೆ. ಸಿ.ಎಂ. ಕಪ್ ಕ್ರೀಡಾಕೂಟಕ್ಕೆ ಆಯ್ಕೆಯಾಗಿದ್ದಾರೆ. ವಿಜೇತರ ಪಟ್ಟಿ -39 ಕೆಜಿ ವಿಭಾಗ ಬೇಗಂ ಪ್ರಥಮ ಸ್ಥಾನ, -42 ಕೆಜಿ ದಾನಮ್ಮ - ದ್ವಿತೀಯ, -45 ಕೆಜಿ ಲೀಲಾ - ಪ್ರಥಮ ಸ್ಥಾನ, -48 ಕೆಜಿ ಪಲ್ಲವಿ - ಪ್ರಥಮ ಸ್ಥಾನ, -52 ಕೆಜಿ ಆಶಾ - ಪ್ರಥಮ ಸ್ಥಾನ, -60 ಕೆಜಿ ಅಸ್ಮಾ - ಪ್ರಥಮ ಸ್ಥಾನ ಪಡೆದಿದ್ದಾರೆ. ಕಾರ್ಯದರ್ಶಿ ಡ್ಯಾನಿಯಲ್ ಪಿಲ್ಸನ್ ಮಾತನಾಡಿ "ವಿದ್ಯಾರ್ಥಿನಿಯರ ಈ ಸಾಧನೆ ಕಾಲೇಜಿಗೆ ಹೆಮ್ಮೆಯ ವಿಷಯ" ಎಂದರು. ಕಾಲೇಜಿನ ಆಡಳಿತ ಮಂಡಳಿಯು ನಿರಂತರ ಪ್ರೋತ್ಸಾಹದಿಂದ ಈ ಸಾಧನೆಯ ಬಂದಿದೆ ಎಂದು ಹೇಳಿದರು.
